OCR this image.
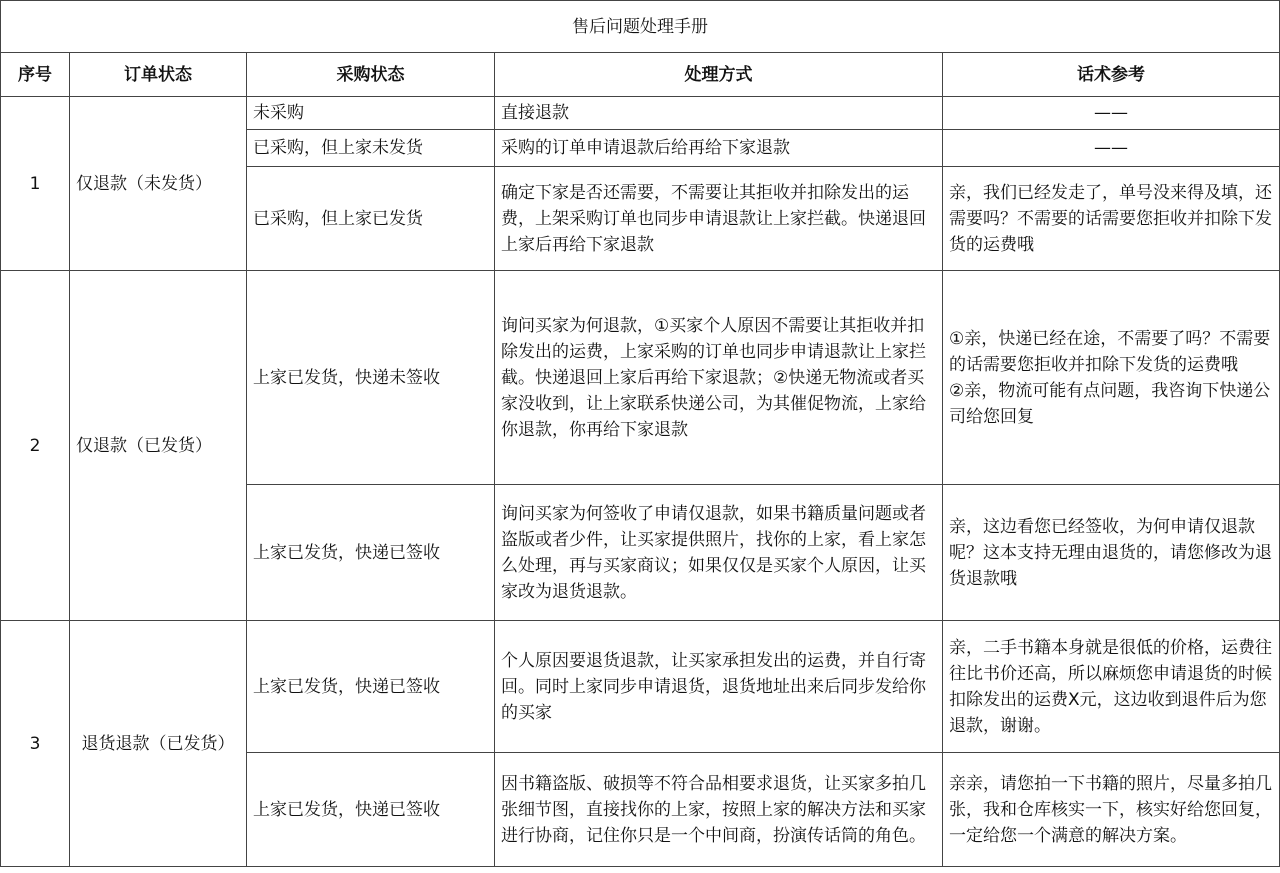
售后问题处理手册				
序号	订单状态	采购状态	处理方式	话术参考
1	仅退款（未发货）	未采购	直接退款	——
		已采购，但上家未发货	采购的订单申请退款后给再给下家退款	——
		已采购，但上家已发货	确定下家是否还需要，不需要让其拒收并扣除发出的运费，上架采购订单也同步申请退款让上家拦截。快递退回上家后再给下家退款	亲，我们已经发走了，单号没来得及填，还需要吗？不需要的话需要您拒收并扣除下发货的运费哦
2	仅退款（已发货）	上家已发货，快递未签收	询问买家为何退款，①买家个人原因不需要让其拒收并扣除发出的运费，上家采购的订单也同步申请退款让上家拦截。快递退回上家后再给下家退款；②快递无物流或者买家没收到，让上家联系快递公司，为其催促物流，上家给你退款，你再给下家退款	①亲，快递已经在途，不需要了吗？不需要的话需要您拒收并扣除下发货的运费哦
②亲，物流可能有点问题，我咨询下快递公司给您回复
		上家已发货，快递已签收	询问买家为何签收了申请仅退款，如果书籍质量问题或者盗版或者少件，让买家提供照片，找你的上家，看上家怎么处理，再与买家商议；如果仅仅是买家个人原因，让买家改为退货退款。	亲，这边看您已经签收，为何申请仅退款呢？这本支持无理由退货的，请您修改为退货退款哦
3	退货退款（已发货）	上家已发货，快递已签收	个人原因要退货退款，让买家承担发出的运费，并自行寄回。同时上家同步申请退货，退货地址出来后同步发给你的买家	亲，二手书籍本身就是很低的价格，运费往往比书价还高，所以麻烦您申请退货的时候扣除发出的运费X元，这边收到退件后为您退款，谢谢。
		上家已发货，快递已签收	因书籍盗版、破损等不符合品相要求退货，让买家多拍几张细节图，直接找你的上家，按照上家的解决方法和买家进行协商，记住你只是一个中间商，扮演传话筒的角色。	亲亲，请您拍一下书籍的照片，尽量多拍几张，我和仓库核实一下，核实好给您回复，一定给您一个满意的解决方案。
